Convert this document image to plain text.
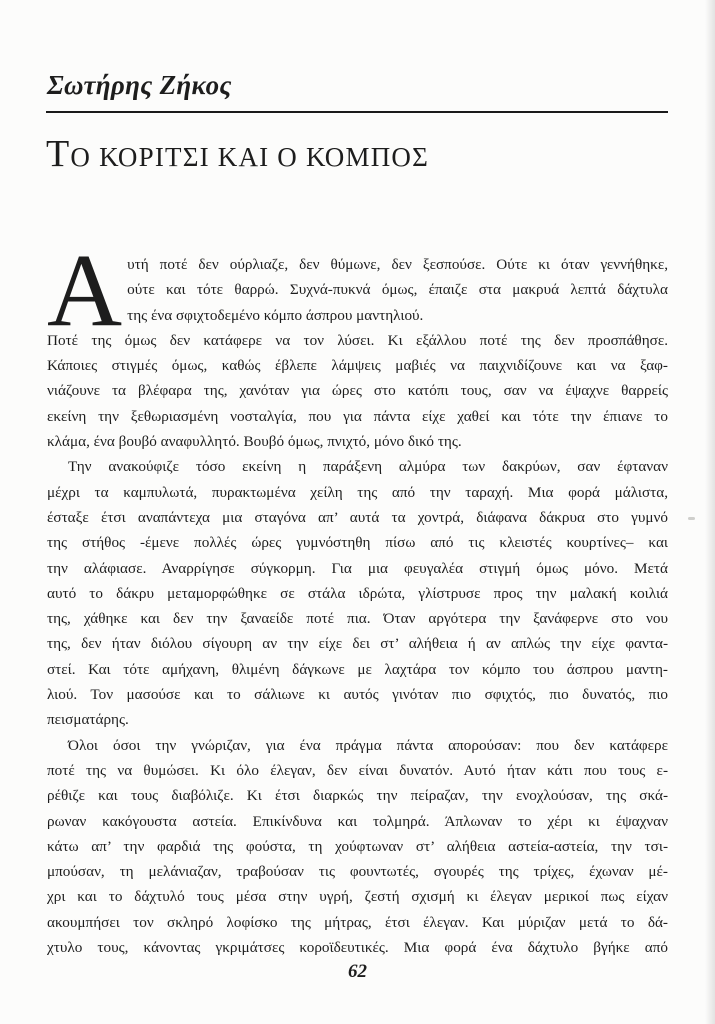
Σωτήρης Ζήκος
ΤΟ ΚΟΡΙΤΣΙ ΚΑΙ Ο ΚΟΜΠΟΣ
Α υτή ποτέ δεν ούρλιαζε, δεν θύμωνε, δεν ξεσπούσε. Ούτε κι όταν γεννήθηκε,
ούτε και τότε θαρρώ. Συχνά-πυκνά όμως, έπαιζε στα μακρυά λεπτά δάχτυλα
της ένα σφιχτοδεμένο κόμπο άσπρου μαντηλιού.
Ποτέ της όμως δεν κατάφερε να τον λύσει. Κι εξάλλου ποτέ της δεν προσπάθησε.
Κάποιες στιγμές όμως, καθώς έβλεπε λάμψεις μαβιές να παιχνιδίζουνε και να ξαφ-
νιάζουνε τα βλέφαρα της, χανόταν για ώρες στο κατόπι τους, σαν να έψαχνε θαρρείς
εκείνη την ξεθωριασμένη νοσταλγία, που για πάντα είχε χαθεί και τότε την έπιανε το
κλάμα, ένα βουβό αναφυλλητό. Βουβό όμως, πνιχτό, μόνο δικό της.
Την ανακούφιζε τόσο εκείνη η παράξενη αλμύρα των δακρύων, σαν έφταναν
μέχρι τα καμπυλωτά, πυρακτωμένα χείλη της από την ταραχή. Μια φορά μάλιστα,
έσταξε έτσι αναπάντεχα μια σταγόνα απ’ αυτά τα χοντρά, διάφανα δάκρυα στο γυμνό
της στήθος -έμενε πολλές ώρες γυμνόστηθη πίσω από τις κλειστές κουρτίνες– και
την αλάφιασε. Αναρρίγησε σύγκορμη. Για μια φευγαλέα στιγμή όμως μόνο. Μετά
αυτό το δάκρυ μεταμορφώθηκε σε στάλα ιδρώτα, γλίστρυσε προς την μαλακή κοιλιά
της, χάθηκε και δεν την ξαναείδε ποτέ πια. Όταν αργότερα την ξανάφερνε στο νου
της, δεν ήταν διόλου σίγουρη αν την είχε δει στ’ αλήθεια ή αν απλώς την είχε φαντα-
στεί. Και τότε αμήχανη, θλιμένη δάγκωνε με λαχτάρα τον κόμπο του άσπρου μαντη-
λιού. Τον μασούσε και το σάλιωνε κι αυτός γινόταν πιο σφιχτός, πιο δυνατός, πιο
πεισματάρης.
Όλοι όσοι την γνώριζαν, για ένα πράγμα πάντα απορούσαν: που δεν κατάφερε
ποτέ της να θυμώσει. Κι όλο έλεγαν, δεν είναι δυνατόν. Αυτό ήταν κάτι που τους ε-
ρέθιζε και τους διαβόλιζε. Κι έτσι διαρκώς την πείραζαν, την ενοχλούσαν, της σκά-
ρωναν κακόγουστα αστεία. Επικίνδυνα και τολμηρά. Άπλωναν το χέρι κι έψαχναν
κάτω απ’ την φαρδιά της φούστα, τη χούφτωναν στ’ αλήθεια αστεία-αστεία, την τσι-
μπούσαν, τη μελάνιαζαν, τραβούσαν τις φουντωτές, σγουρές της τρίχες, έχωναν μέ-
χρι και το δάχτυλό τους μέσα στην υγρή, ζεστή σχισμή κι έλεγαν μερικοί πως είχαν
ακουμπήσει τον σκληρό λοφίσκο της μήτρας, έτσι έλεγαν. Και μύριζαν μετά το δά-
χτυλο τους, κάνοντας γκριμάτσες κοροϊδευτικές. Μια φορά ένα δάχτυλο βγήκε από
62
